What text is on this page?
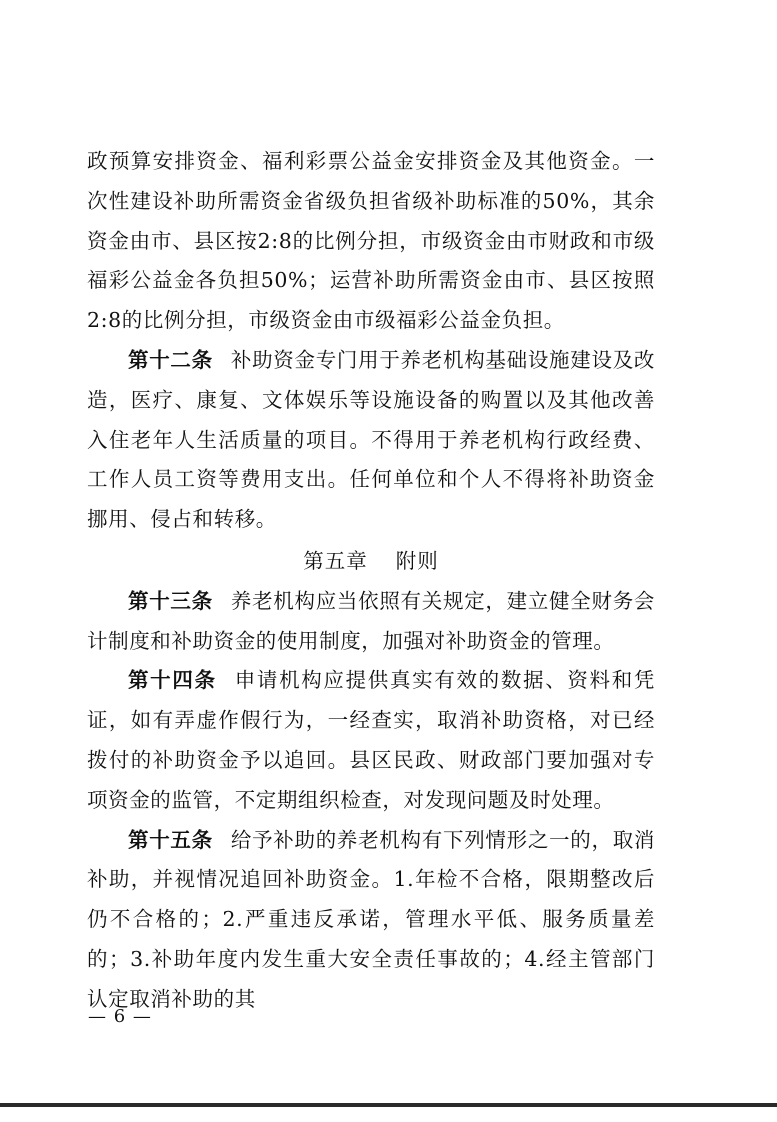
政预算安排资金、福利彩票公益金安排资金及其他资金。一次性建设补助所需资金省级负担省级补助标准的50%，其余资金由市、县区按2:8的比例分担，市级资金由市财政和市级福彩公益金各负担50%；运营补助所需资金由市、县区按照2:8的比例分担，市级资金由市级福彩公益金负担。

第十二条 补助资金专门用于养老机构基础设施建设及改造，医疗、康复、文体娱乐等设施设备的购置以及其他改善入住老年人生活质量的项目。不得用于养老机构行政经费、工作人员工资等费用支出。任何单位和个人不得将补助资金挪用、侵占和转移。

第五章 附则

第十三条 养老机构应当依照有关规定，建立健全财务会计制度和补助资金的使用制度，加强对补助资金的管理。

第十四条 申请机构应提供真实有效的数据、资料和凭证，如有弄虚作假行为，一经查实，取消补助资格，对已经拨付的补助资金予以追回。县区民政、财政部门要加强对专项资金的监管，不定期组织检查，对发现问题及时处理。

第十五条 给予补助的养老机构有下列情形之一的，取消补助，并视情况追回补助资金。1.年检不合格，限期整改后仍不合格的；2.严重违反承诺，管理水平低、服务质量差的；3.补助年度内发生重大安全责任事故的；4.经主管部门认定取消补助的其

— 6 —
